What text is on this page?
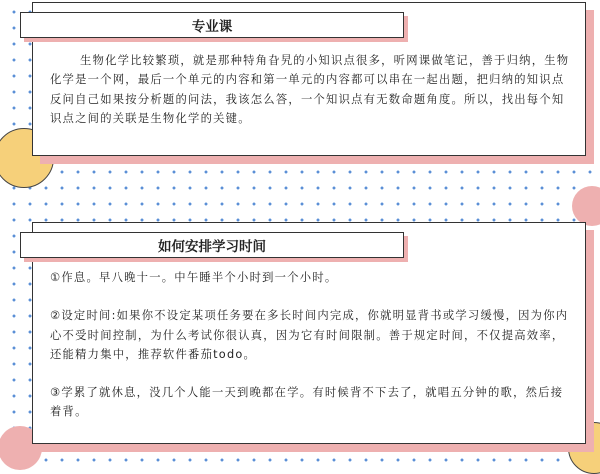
专业课
生物化学比较繁琐，就是那种特角旮旯的小知识点很多，听网课做笔记，善于归纳，生物化学是一个网，最后一个单元的内容和第一单元的内容都可以串在一起出题，把归纳的知识点反问自己如果按分析题的问法，我该怎么答，一个知识点有无数命题角度。所以，找出每个知识点之间的关联是生物化学的关键。
如何安排学习时间

①作息。早八晚十一。中午睡半个小时到一个小时。

②设定时间:如果你不设定某项任务要在多长时间内完成，你就明显背书或学习缓慢，因为你内心不受时间控制，为什么考试你很认真，因为它有时间限制。善于规定时间，不仅提高效率，还能精力集中，推荐软件番茄todo。

③学累了就休息，没几个人能一天到晚都在学。有时候背不下去了，就唱五分钟的歌，然后接着背。
